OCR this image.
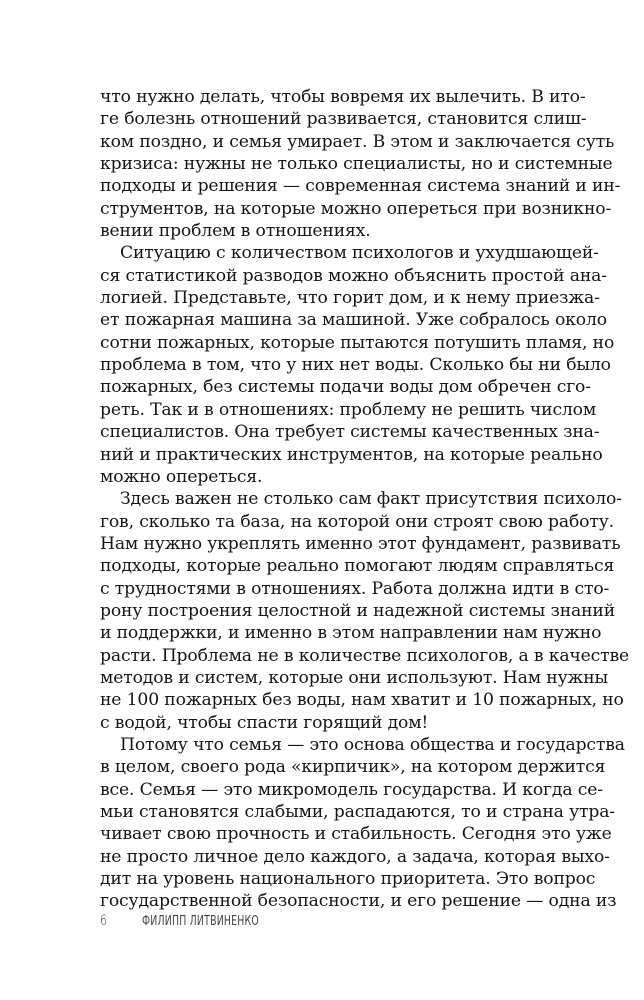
что нужно делать, чтобы вовремя их вылечить. В ито-
ге болезнь отношений развивается, становится слиш-
ком поздно, и семья умирает. В этом и заключается суть
кризиса: нужны не только специалисты, но и системные
подходы и решения — современная система знаний и ин-
струментов, на которые можно опереться при возникно-
вении проблем в отношениях.
Ситуацию с количеством психологов и ухудшающей-
ся статистикой разводов можно объяснить простой ана-
логией. Представьте, что горит дом, и к нему приезжа-
ет пожарная машина за машиной. Уже собралось около
сотни пожарных, которые пытаются потушить пламя, но
проблема в том, что у них нет воды. Сколько бы ни было
пожарных, без системы подачи воды дом обречен сго-
реть. Так и в отношениях: проблему не решить числом
специалистов. Она требует системы качественных зна-
ний и практических инструментов, на которые реально
можно опереться.
Здесь важен не столько сам факт присутствия психоло-
гов, сколько та база, на которой они строят свою работу.
Нам нужно укреплять именно этот фундамент, развивать
подходы, которые реально помогают людям справляться
с трудностями в отношениях. Работа должна идти в сто-
рону построения целостной и надежной системы знаний
и поддержки, и именно в этом направлении нам нужно
расти. Проблема не в количестве психологов, а в качестве
методов и систем, которые они используют. Нам нужны
не 100 пожарных без воды, нам хватит и 10 пожарных, но
с водой, чтобы спасти горящий дом!
Потому что семья — это основа общества и государства
в целом, своего рода «кирпичик», на котором держится
все. Семья — это микромодель государства. И когда се-
мьи становятся слабыми, распадаются, то и страна утра-
чивает свою прочность и стабильность. Сегодня это уже
не просто личное дело каждого, а задача, которая выхо-
дит на уровень национального приоритета. Это вопрос
государственной безопасности, и его решение — одна из
6	ФИЛИПП ЛИТВИНЕНКО
